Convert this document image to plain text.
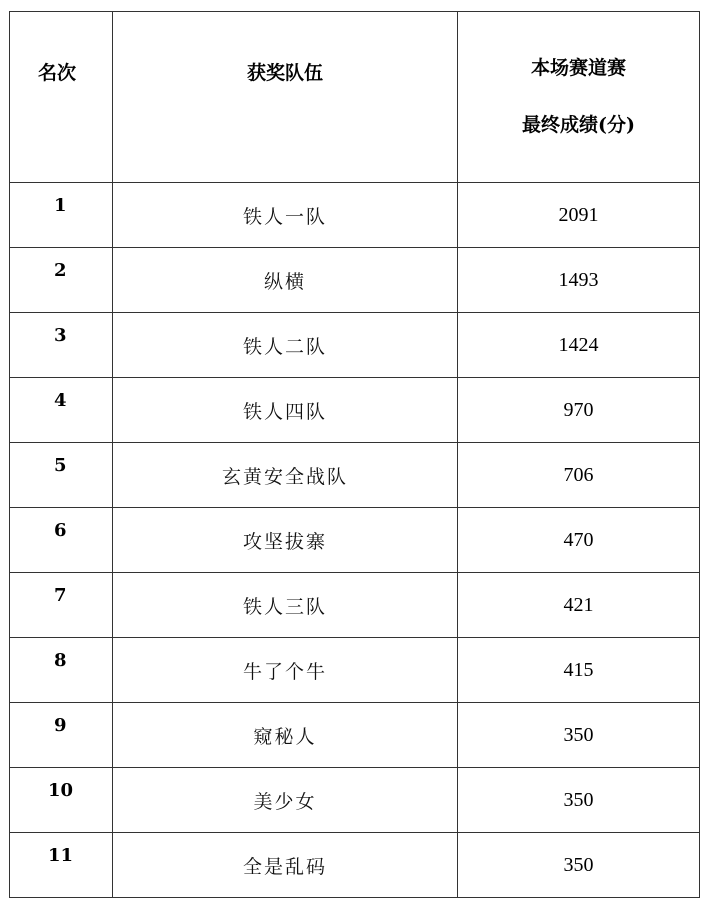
名次	获奖队伍	本场赛道赛
最终成绩(分)

1	铁人一队	2091
2	纵横	1493
3	铁人二队	1424
4	铁人四队	970
5	玄黄安全战队	706
6	攻坚拔寨	470
7	铁人三队	421
8	牛了个牛	415
9	窥秘人	350
10	美少女	350
11	全是乱码	350
